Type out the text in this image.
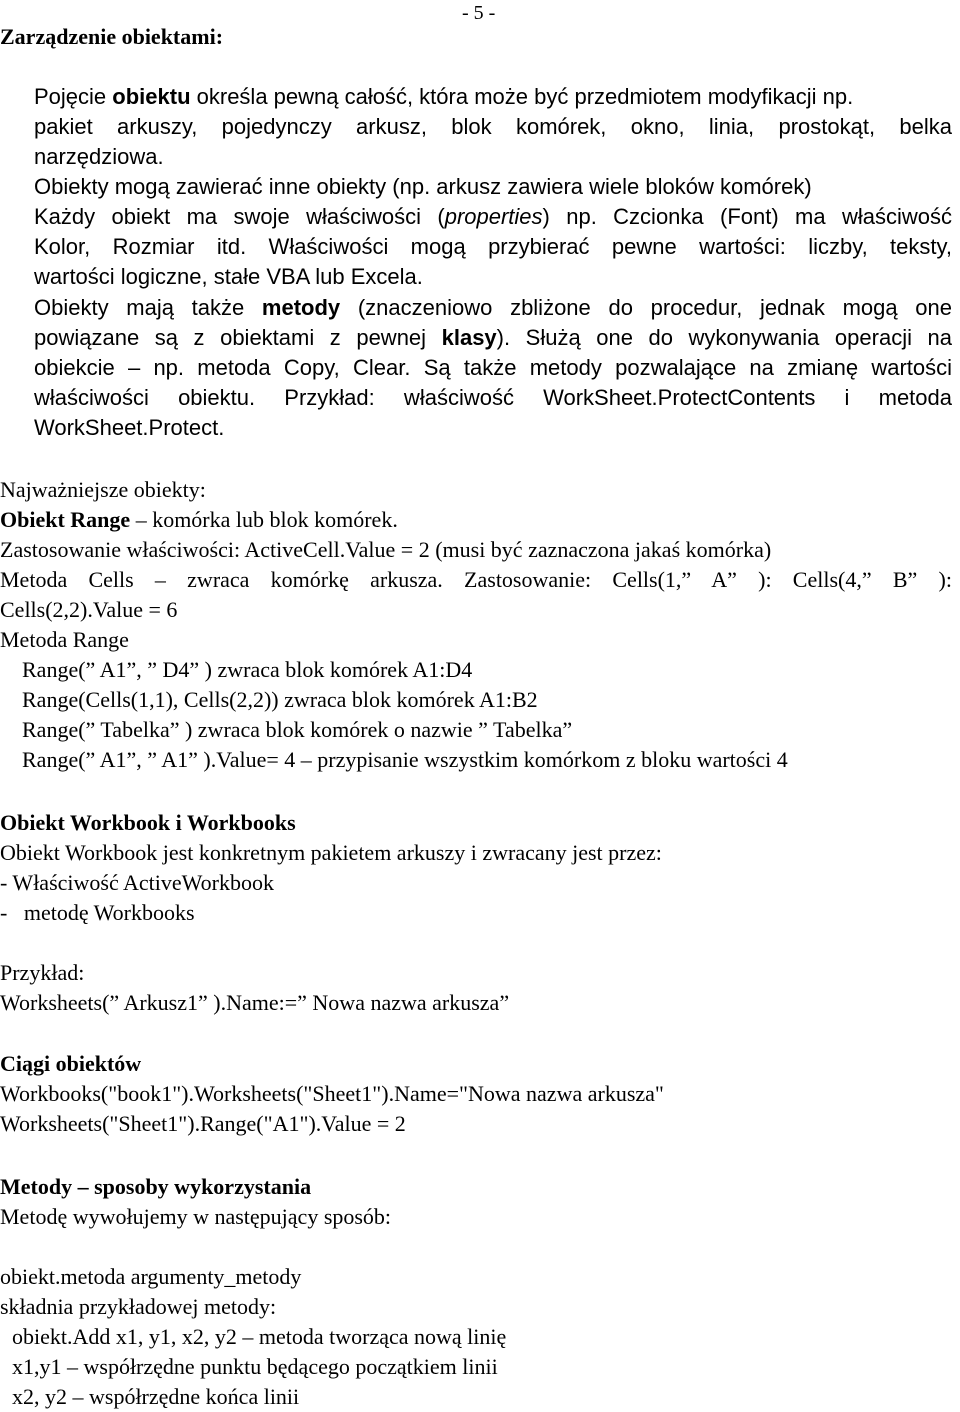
- 5 -
Zarządzenie obiektami:
Pojęcie obiektu określa pewną całość, która może być przedmiotem modyfikacji np.
pakiet arkuszy, pojedynczy arkusz, blok komórek, okno, linia, prostokąt, belka
narzędziowa.
Obiekty mogą zawierać inne obiekty (np. arkusz zawiera wiele bloków komórek)
Każdy obiekt ma swoje właściwości (properties) np. Czcionka (Font) ma właściwość
Kolor, Rozmiar itd. Właściwości mogą przybierać pewne wartości: liczby, teksty,
wartości logiczne, stałe VBA lub Excela.
Obiekty mają także metody (znaczeniowo zbliżone do procedur, jednak mogą one
powiązane są z obiektami z pewnej klasy). Służą one do wykonywania operacji na
obiekcie – np. metoda Copy, Clear. Są także metody pozwalające na zmianę wartości
właściwości obiektu. Przykład: właściwość WorkSheet.ProtectContents i metoda
WorkSheet.Protect.
Najważniejsze obiekty:
Obiekt Range – komórka lub blok komórek.
Zastosowanie właściwości: ActiveCell.Value = 2 (musi być zaznaczona jakaś komórka)
Metoda Cells – zwraca komórkę arkusza. Zastosowanie: Cells(1,” A” ): Cells(4,” B” ):
Cells(2,2).Value = 6
Metoda Range
Range(” A1”, ” D4” ) zwraca blok komórek A1:D4
Range(Cells(1,1), Cells(2,2)) zwraca blok komórek A1:B2
Range(” Tabelka” ) zwraca blok komórek o nazwie ” Tabelka”
Range(” A1”, ” A1” ).Value= 4 – przypisanie wszystkim komórkom z bloku wartości 4
Obiekt Workbook i Workbooks
Obiekt Workbook jest konkretnym pakietem arkuszy i zwracany jest przez:
- Właściwość ActiveWorkbook
-   metodę Workbooks
Przykład:
Worksheets(” Arkusz1” ).Name:=” Nowa nazwa arkusza”
Ciągi obiektów
Workbooks("book1").Worksheets("Sheet1").Name="Nowa nazwa arkusza"
Worksheets("Sheet1").Range("A1").Value = 2
Metody – sposoby wykorzystania
Metodę wywołujemy w następujący sposób:
obiekt.metoda argumenty_metody
składnia przykładowej metody:
obiekt.Add x1, y1, x2, y2 – metoda tworząca nową linię
x1,y1 – współrzędne punktu będącego początkiem linii
x2, y2 – współrzędne końca linii
